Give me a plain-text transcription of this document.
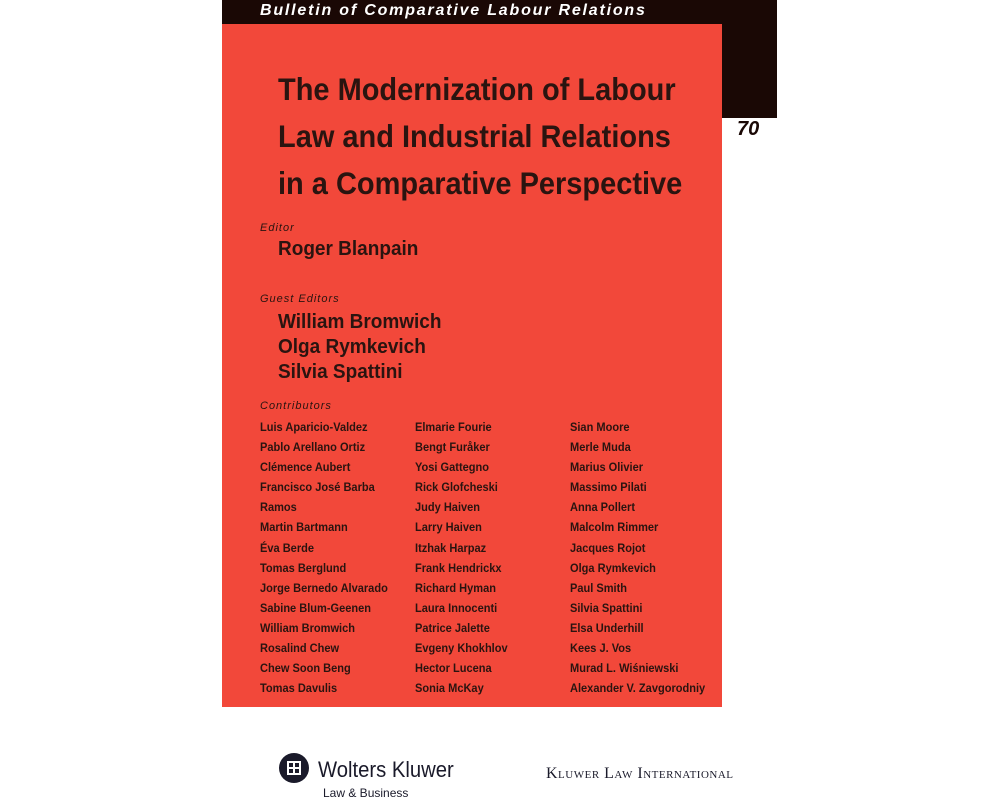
Bulletin of Comparative Labour Relations
70
The Modernization of Labour
Law and Industrial Relations
in a Comparative Perspective
Editor
Roger Blanpain
Guest Editors
William Bromwich
Olga Rymkevich
Silvia Spattini
Contributors
Luis Aparicio-Valdez
Pablo Arellano Ortiz
Clémence Aubert
Francisco José Barba
Ramos
Martin Bartmann
Éva Berde
Tomas Berglund
Jorge Bernedo Alvarado
Sabine Blum-Geenen
William Bromwich
Rosalind Chew
Chew Soon Beng
Tomas Davulis
Elmarie Fourie
Bengt Furåker
Yosi Gattegno
Rick Glofcheski
Judy Haiven
Larry Haiven
Itzhak Harpaz
Frank Hendrickx
Richard Hyman
Laura Innocenti
Patrice Jalette
Evgeny Khokhlov
Hector Lucena
Sonia McKay
Sian Moore
Merle Muda
Marius Olivier
Massimo Pilati
Anna Pollert
Malcolm Rimmer
Jacques Rojot
Olga Rymkevich
Paul Smith
Silvia Spattini
Elsa Underhill
Kees J. Vos
Murad L. Wiśniewski
Alexander V. Zavgorodniy
Wolters Kluwer
Law & Business
Kluwer Law International
